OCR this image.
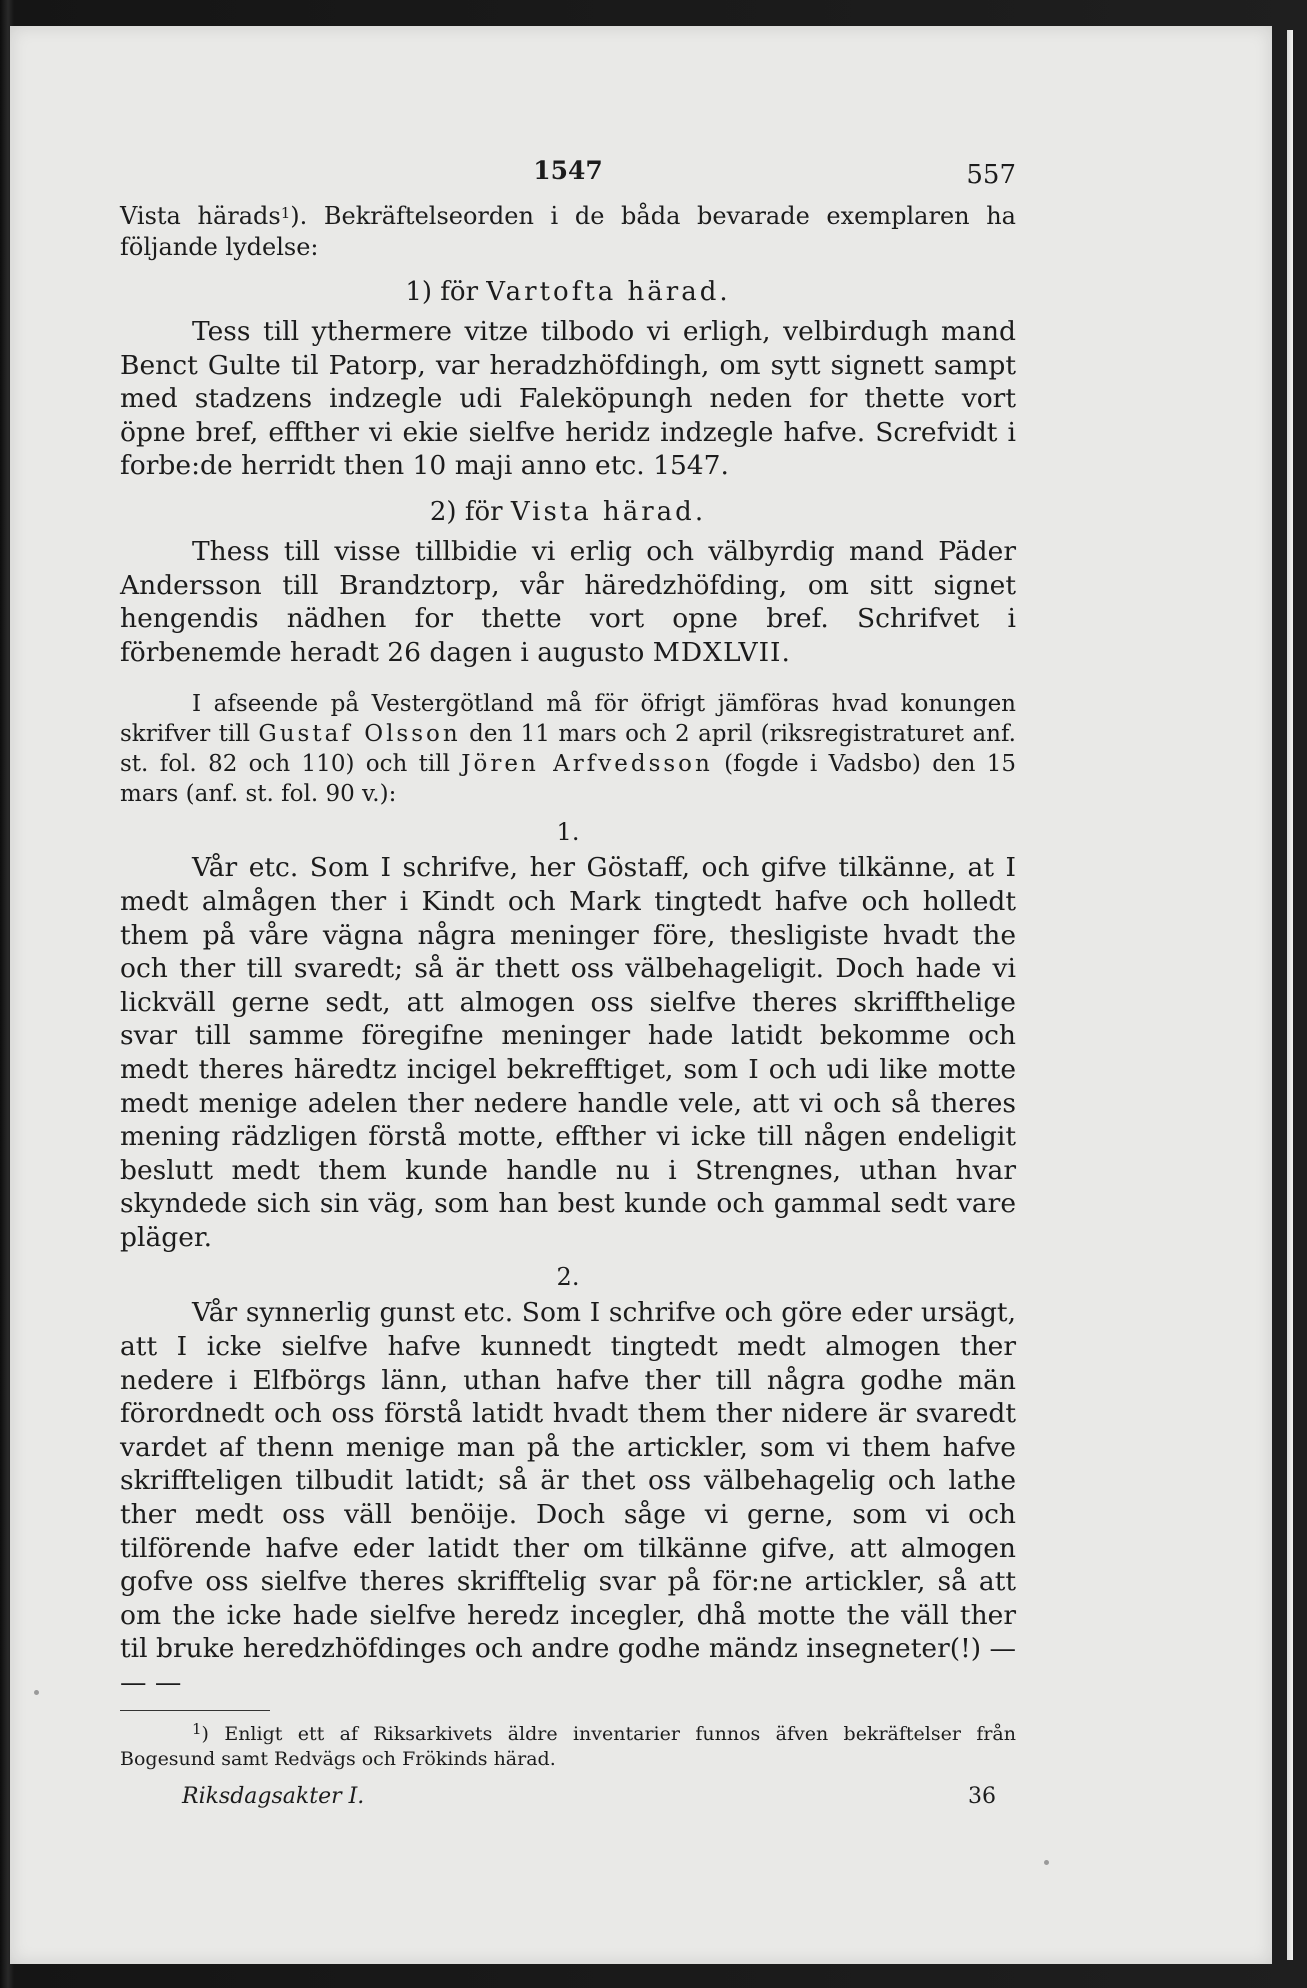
1547	557

Vista härads$^1$). Bekräftelseorden i de båda bevarade exemplaren ha följande lydelse:

1) för Vartofta härad.

Tess till ythermere vitze tilbodo vi erligh, velbirdugh mand Benct Gulte til Patorp, var heradzhöfdingh, om sytt signett sampt med stadzens indzegle udi Faleköpungh neden for thette vort öpne bref, effther vi ekie sielfve heridz indzegle hafve. Screfvidt i forbe:de herridt then 10 maji anno etc. 1547.

2) för Vista härad.

Thess till visse tillbidie vi erlig och välbyrdig mand Päder Andersson till Brandztorp, vår häredzhöfding, om sitt signet hengendis nädhen for thette vort opne bref. Schrifvet i förbenemde heradt 26 dagen i augusto MDXLVII.

I afseende på Vestergötland må för öfrigt jämföras hvad konungen skrifver till Gustaf Olsson den 11 mars och 2 april (riksregistraturet anf. st. fol. 82 och 110) och till Jören Arfvedsson (fogde i Vadsbo) den 15 mars (anf. st. fol. 90 v.):

1.

Vår etc. Som I schrifve, her Göstaff, och gifve tilkänne, at I medt almågen ther i Kindt och Mark tingtedt hafve och holledt them på våre vägna några meninger före, thesligiste hvadt the och ther till svaredt; så är thett oss välbehageligit. Doch hade vi lickväll gerne sedt, att almogen oss sielfve theres skriffthelige svar till samme föregifne meninger hade latidt bekomme och medt theres häredtz incigel bekrefftiget, som I och udi like motte medt menige adelen ther nedere handle vele, att vi och så theres mening rädzligen förstå motte, effther vi icke till någen endeligit beslutt medt them kunde handle nu i Strengnes, uthan hvar skyndede sich sin väg, som han best kunde och gammal sedt vare pläger.

2.

Vår synnerlig gunst etc. Som I schrifve och göre eder ursägt, att I icke sielfve hafve kunnedt tingtedt medt almogen ther nedere i Elfbörgs länn, uthan hafve ther till några godhe män förordnedt och oss förstå latidt hvadt them ther nidere är svaredt vardet af thenn menige man på the artickler, som vi them hafve skriffteligen tilbudit latidt; så är thet oss välbehagelig och lathe ther medt oss väll benöije. Doch såge vi gerne, som vi och tilförende hafve eder latidt ther om tilkänne gifve, att almogen gofve oss sielfve theres skrifftelig svar på för:ne artickler, så att om the icke hade sielfve heredz incegler, dhå motte the väll ther til bruke heredzhöfdinges och andre godhe mändz insegneter(!) — — —

$^1$) Enligt ett af Riksarkivets äldre inventarier funnos äfven bekräftelser från Bogesund samt Redvägs och Frökinds härad.

Riksdagsakter I.	36
